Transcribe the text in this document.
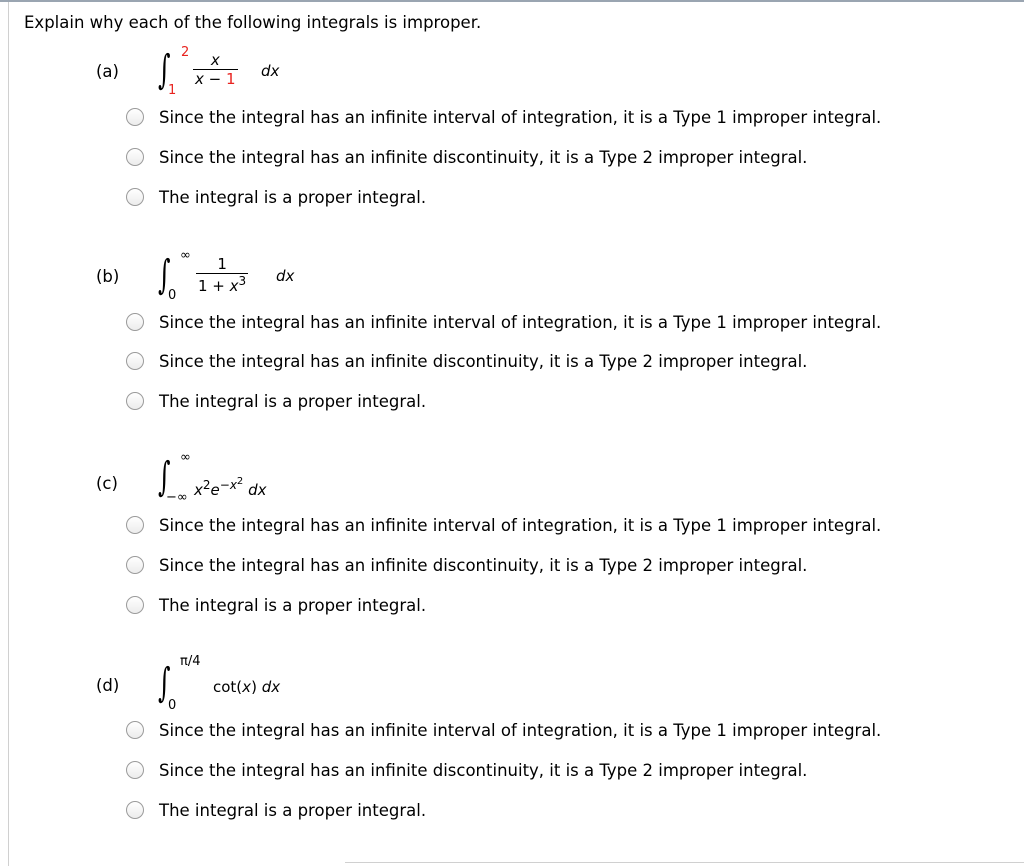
Explain why each of the following integrals is improper.
(a) ∫ 2
1
$\frac{x}{x - 1}$ dx
Since the integral has an infinite interval of integration, it is a Type 1 improper integral.
Since the integral has an infinite discontinuity, it is a Type 2 improper integral.
The integral is a proper integral.
(b) ∫ ∞
0
$\frac{1}{1 + x^3}$ dx
Since the integral has an infinite interval of integration, it is a Type 1 improper integral.
Since the integral has an infinite discontinuity, it is a Type 2 improper integral.
The integral is a proper integral.
(c) ∫ ∞
−∞ $x^2e^{-x^2}$ dx
Since the integral has an infinite interval of integration, it is a Type 1 improper integral.
Since the integral has an infinite discontinuity, it is a Type 2 improper integral.
The integral is a proper integral.
(d) ∫ π/4
0
cot(x) dx
Since the integral has an infinite interval of integration, it is a Type 1 improper integral.
Since the integral has an infinite discontinuity, it is a Type 2 improper integral.
The integral is a proper integral.
